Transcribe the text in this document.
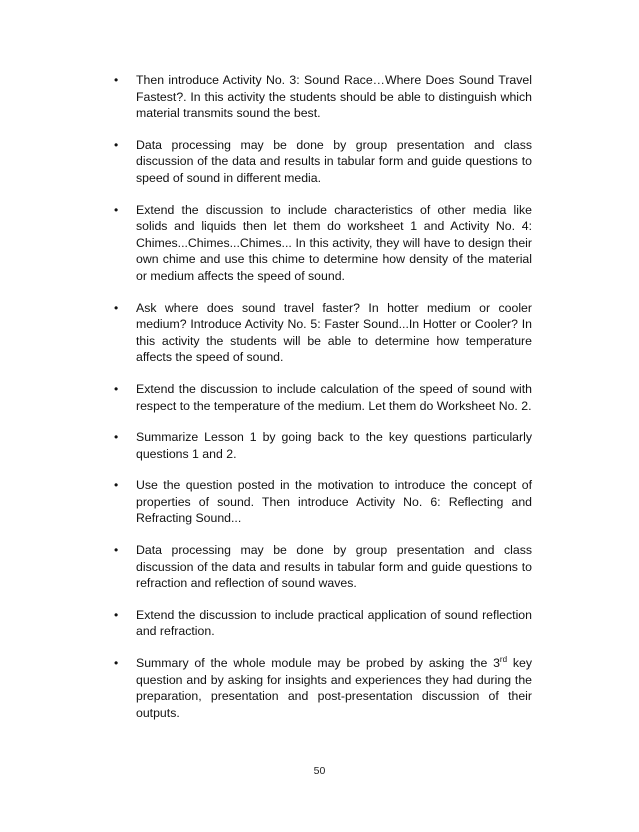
• Then introduce Activity No. 3: Sound Race…Where Does Sound Travel Fastest?. In this activity the students should be able to distinguish which material transmits sound the best.
• Data processing may be done by group presentation and class discussion of the data and results in tabular form and guide questions to speed of sound in different media.
• Extend the discussion to include characteristics of other media like solids and liquids then let them do worksheet 1 and Activity No. 4: Chimes...Chimes...Chimes... In this activity, they will have to design their own chime and use this chime to determine how density of the material or medium affects the speed of sound.
• Ask where does sound travel faster? In hotter medium or cooler medium? Introduce Activity No. 5: Faster Sound...In Hotter or Cooler? In this activity the students will be able to determine how temperature affects the speed of sound.
• Extend the discussion to include calculation of the speed of sound with respect to the temperature of the medium. Let them do Worksheet No. 2.
• Summarize Lesson 1 by going back to the key questions particularly questions 1 and 2.
• Use the question posted in the motivation to introduce the concept of properties of sound. Then introduce Activity No. 6: Reflecting and Refracting Sound...
• Data processing may be done by group presentation and class discussion of the data and results in tabular form and guide questions to refraction and reflection of sound waves.
• Extend the discussion to include practical application of sound reflection and refraction.
• Summary of the whole module may be probed by asking the 3rd key question and by asking for insights and experiences they had during the preparation, presentation and post-presentation discussion of their outputs.
50
